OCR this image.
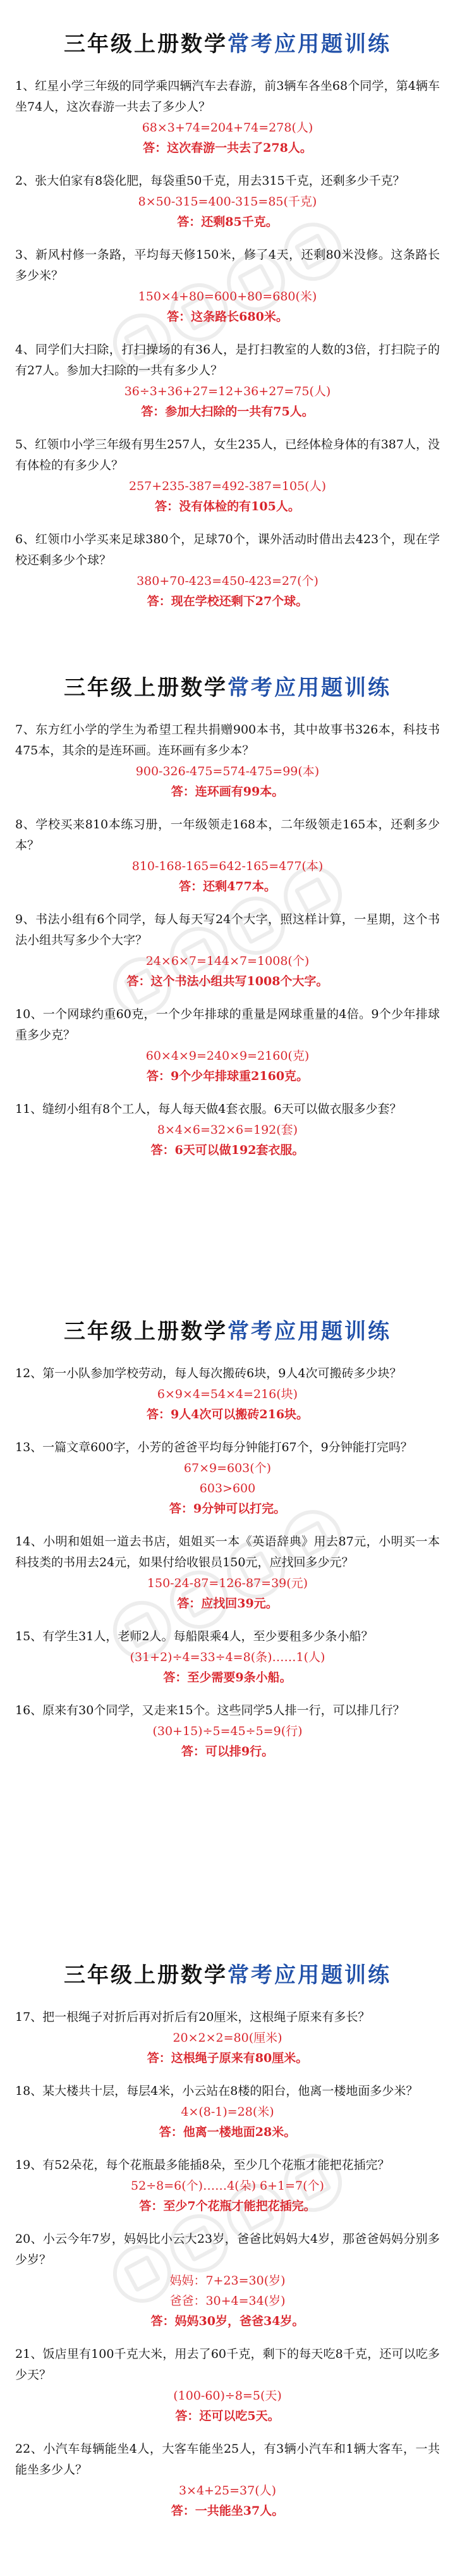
三年级上册数学常考应用题训练
1、红星小学三年级的同学乘四辆汽车去春游，前3辆车各坐68个同学，第4辆车坐74人，这次春游一共去了多少人？
68×3+74=204+74=278(人)
答：这次春游一共去了278人。
2、张大伯家有8袋化肥，每袋重50千克，用去315千克，还剩多少千克？
8×50-315=400-315=85(千克)
答：还剩85千克。
3、新风村修一条路，平均每天修150米，修了4天，还剩80米没修。这条路长多少米？
150×4+80=600+80=680(米)
答：这条路长680米。
4、同学们大扫除，打扫操场的有36人，是打扫教室的人数的3倍，打扫院子的有27人。参加大扫除的一共有多少人？
36÷3+36+27=12+36+27=75(人)
答：参加大扫除的一共有75人。
5、红领巾小学三年级有男生257人，女生235人，已经体检身体的有387人，没有体检的有多少人？
257+235-387=492-387=105(人)
答：没有体检的有105人。
6、红领巾小学买来足球380个，足球70个，课外活动时借出去423个，现在学校还剩多少个球？
380+70-423=450-423=27(个)
答：现在学校还剩下27个球。
三年级上册数学常考应用题训练
7、东方红小学的学生为希望工程共捐赠900本书，其中故事书326本，科技书475本，其余的是连环画。连环画有多少本？
900-326-475=574-475=99(本)
答：连环画有99本。
8、学校买来810本练习册，一年级领走168本，二年级领走165本，还剩多少本？
810-168-165=642-165=477(本)
答：还剩477本。
9、书法小组有6个同学，每人每天写24个大字，照这样计算，一星期，这个书法小组共写多少个大字？
24×6×7=144×7=1008(个)
答：这个书法小组共写1008个大字。
10、一个网球约重60克，一个少年排球的重量是网球重量的4倍。9个少年排球重多少克？
60×4×9=240×9=2160(克)
答：9个少年排球重2160克。
11、缝纫小组有8个工人，每人每天做4套衣服。6天可以做衣服多少套？
8×4×6=32×6=192(套)
答：6天可以做192套衣服。
三年级上册数学常考应用题训练
12、第一小队参加学校劳动，每人每次搬砖6块，9人4次可搬砖多少块？
6×9×4=54×4=216(块)
答：9人4次可以搬砖216块。
13、一篇文章600字，小芳的爸爸平均每分钟能打67个，9分钟能打完吗？
67×9=603(个)
603>600
答：9分钟可以打完。
14、小明和姐姐一道去书店，姐姐买一本《英语辞典》用去87元，小明买一本科技类的书用去24元，如果付给收银员150元，应找回多少元？
150-24-87=126-87=39(元)
答：应找回39元。
15、有学生31人，老师2人。每船限乘4人，至少要租多少条小船？
(31+2)÷4=33÷4=8(条)……1(人)
答：至少需要9条小船。
16、原来有30个同学，又走来15个。这些同学5人排一行，可以排几行？
(30+15)÷5=45÷5=9(行)
答：可以排9行。
三年级上册数学常考应用题训练
17、把一根绳子对折后再对折后有20厘米，这根绳子原来有多长？
20×2×2=80(厘米)
答：这根绳子原来有80厘米。
18、某大楼共十层，每层4米，小云站在8楼的阳台，他离一楼地面多少米？
4×(8-1)=28(米)
答：他离一楼地面28米。
19、有52朵花，每个花瓶最多能插8朵，至少几个花瓶才能把花插完？
52÷8=6(个)……4(朵) 6+1=7(个)
答：至少7个花瓶才能把花插完。
20、小云今年7岁，妈妈比小云大23岁，爸爸比妈妈大4岁，那爸爸妈妈分别多少岁？
妈妈：7+23=30(岁)
爸爸：30+4=34(岁)
答：妈妈30岁，爸爸34岁。
21、饭店里有100千克大米，用去了60千克，剩下的每天吃8千克，还可以吃多少天？
(100-60)÷8=5(天)
答：还可以吃5天。
22、小汽车每辆能坐4人，大客车能坐25人，有3辆小汽车和1辆大客车，一共能坐多少人？
3×4+25=37(人)
答：一共能坐37人。
